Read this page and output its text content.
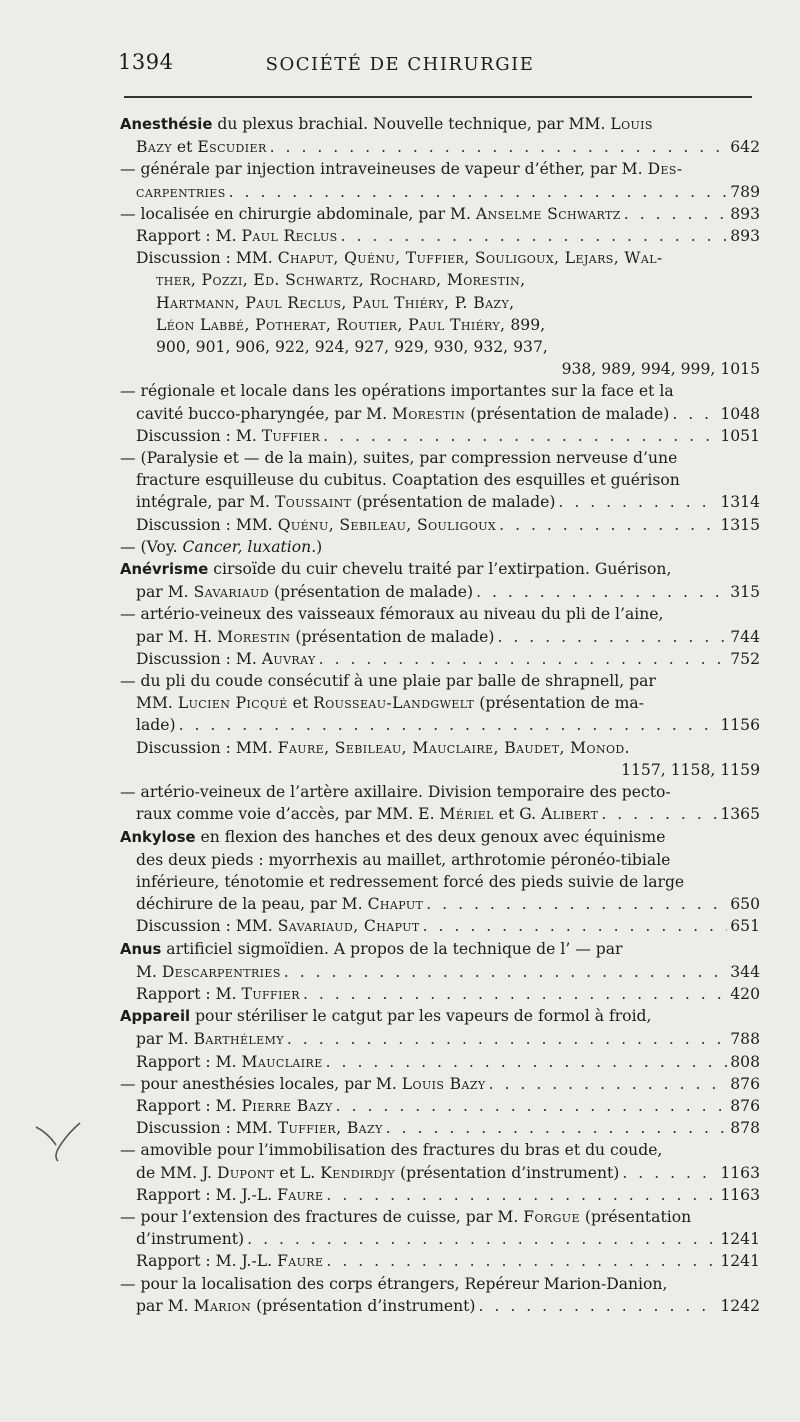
1394	SOCIÉTÉ DE CHIRURGIE
Anesthésie du plexus brachial. Nouvelle technique, par MM. Louis
Bazy et Escudier . . .	642
— générale par injection intraveineuses de vapeur d’éther, par M. Des-
carpentries . . .	789
— localisée en chirurgie abdominale, par M. Anselme Schwartz . . .	893
Rapport : M. Paul Reclus . . .	893
Discussion : MM. Chaput, Quénu, Tuffier, Souligoux, Lejars, Wal-
ther, Pozzi, Ed. Schwartz, Rochard, Morestin,
Hartmann, Paul Reclus, Paul Thiéry, P. Bazy,
Léon Labbé, Potherat, Routier, Paul Thiéry, 899,
900, 901, 906, 922, 924, 927, 929, 930, 932, 937,
938, 989, 994, 999, 1015
— régionale et locale dans les opérations importantes sur la face et la
cavité bucco-pharyngée, par M. Morestin (présentation de malade) . . .	1048
Discussion : M. Tuffier . . .	1051
— (Paralysie et — de la main), suites, par compression nerveuse d’une
fracture esquilleuse du cubitus. Coaptation des esquilles et guérison
intégrale, par M. Toussaint (présentation de malade) . . .	1314
Discussion : MM. Quénu, Sebileau, Souligoux . . .	1315
— (Voy. Cancer, luxation.)
Anévrisme cirsoïde du cuir chevelu traité par l’extirpation. Guérison,
par M. Savariaud (présentation de malade) . . .	315
— artério-veineux des vaisseaux fémoraux au niveau du pli de l’aine,
par M. H. Morestin (présentation de malade) . . .	744
Discussion : M. Auvray . . .	752
— du pli du coude consécutif à une plaie par balle de shrapnell, par
MM. Lucien Picqué et Rousseau-Landgwelt (présentation de ma-
lade) . . .	1156
Discussion : MM. Faure, Sebileau, Mauclaire, Baudet, Monod.
1157, 1158, 1159
— artério-veineux de l’artère axillaire. Division temporaire des pecto-
raux comme voie d’accès, par MM. E. Mériel et G. Alibert . . .	1365
Ankylose en flexion des hanches et des deux genoux avec équinisme
des deux pieds : myorrhexis au maillet, arthrotomie péronéo-tibiale
inférieure, ténotomie et redressement forcé des pieds suivie de large
déchirure de la peau, par M. Chaput . . .	650
Discussion : MM. Savariaud, Chaput . . .	651
Anus artificiel sigmoïdien. A propos de la technique de l’ — par
M. Descarpentries . . .	344
Rapport : M. Tuffier . . .	420
Appareil pour stériliser le catgut par les vapeurs de formol à froid,
par M. Barthélemy . . .	788
Rapport : M. Mauclaire . . .	808
— pour anesthésies locales, par M. Louis Bazy . . .	876
Rapport : M. Pierre Bazy . . .	876
Discussion : MM. Tuffier, Bazy . . .	878
— amovible pour l’immobilisation des fractures du bras et du coude,
de MM. J. Dupont et L. Kendirdjy (présentation d’instrument) . . .	1163
Rapport : M. J.-L. Faure . . .	1163
— pour l’extension des fractures de cuisse, par M. Forgue (présentation
d’instrument) . . .	1241
Rapport : M. J.-L. Faure . . .	1241
— pour la localisation des corps étrangers, Repéreur Marion-Danion,
par M. Marion (présentation d’instrument) . . .	1242
